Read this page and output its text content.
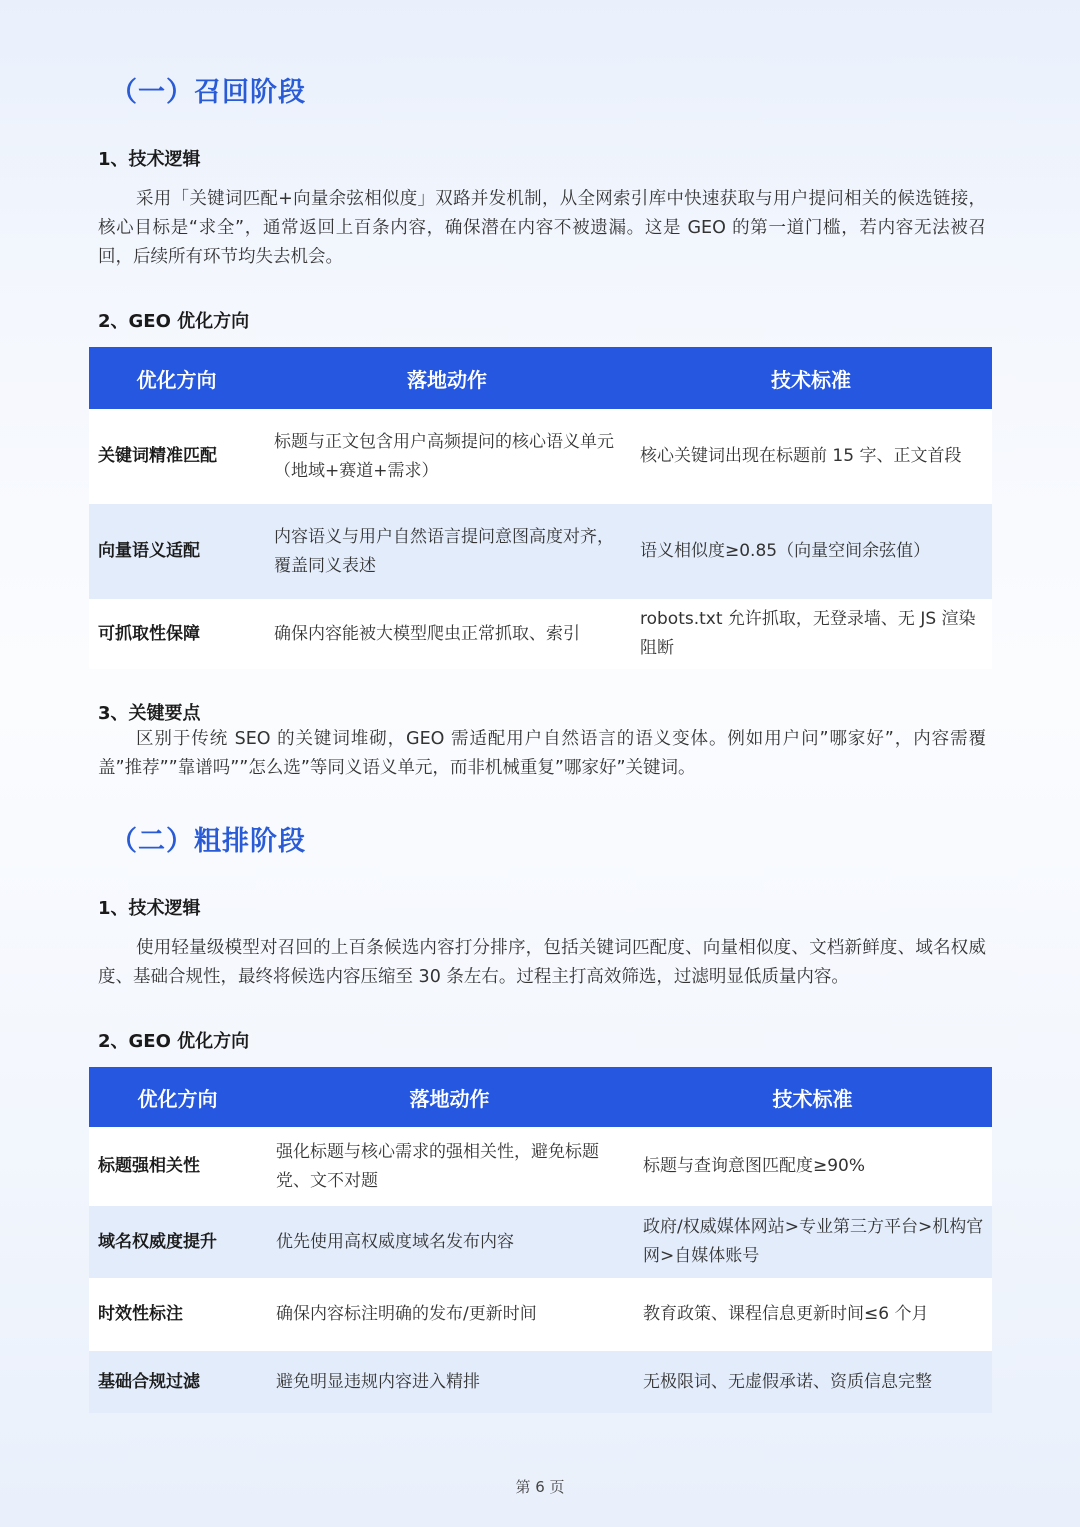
（一）召回阶段
1、技术逻辑

采用「关键词匹配+向量余弦相似度」双路并发机制，从全网索引库中快速获取与用户提问相关的候选链接，核心目标是“求全”，通常返回上百条内容，确保潜在内容不被遗漏。这是 GEO 的第一道门槛，若内容无法被召回，后续所有环节均失去机会。

2、GEO 优化方向
优化方向	落地动作	技术标准
关键词精准匹配	标题与正文包含用户高频提问的核心语义单元（地域+赛道+需求）	核心关键词出现在标题前 15 字、正文首段
向量语义适配	内容语义与用户自然语言提问意图高度对齐，覆盖同义表述	语义相似度≥0.85（向量空间余弦值）
可抓取性保障	确保内容能被大模型爬虫正常抓取、索引	robots.txt 允许抓取，无登录墙、无 JS 渲染阻断
3、关键要点

区别于传统 SEO 的关键词堆砌，GEO 需适配用户自然语言的语义变体。例如用户问”哪家好”，内容需覆盖”推荐””靠谱吗””怎么选”等同义语义单元，而非机械重复”哪家好”关键词。

（二）粗排阶段
1、技术逻辑

使用轻量级模型对召回的上百条候选内容打分排序，包括关键词匹配度、向量相似度、文档新鲜度、域名权威度、基础合规性，最终将候选内容压缩至 30 条左右。过程主打高效筛选，过滤明显低质量内容。

2、GEO 优化方向
优化方向	落地动作	技术标准
标题强相关性	强化标题与核心需求的强相关性，避免标题党、文不对题	标题与查询意图匹配度≥90%
域名权威度提升	优先使用高权威度域名发布内容	政府/权威媒体网站>专业第三方平台>机构官网>自媒体账号
时效性标注	确保内容标注明确的发布/更新时间	教育政策、课程信息更新时间≤6 个月
基础合规过滤	避免明显违规内容进入精排	无极限词、无虚假承诺、资质信息完整
第 6 页
